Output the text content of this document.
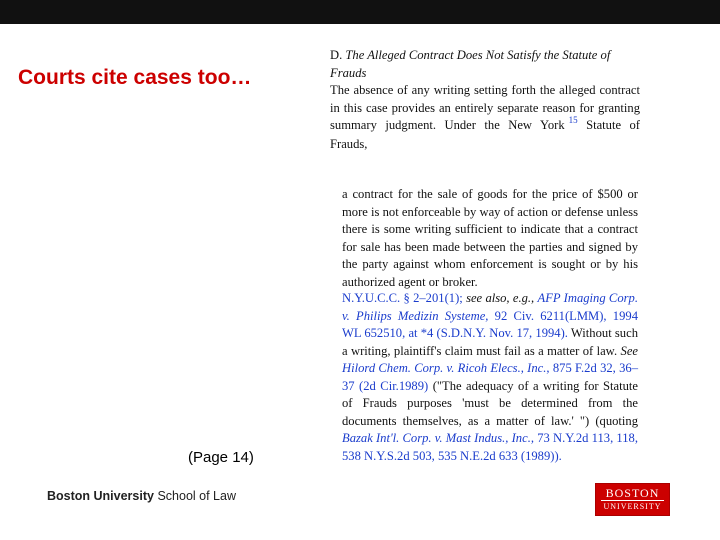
Courts cite cases too…
D. The Alleged Contract Does Not Satisfy the Statute of Frauds
The absence of any writing setting forth the alleged contract in this case provides an entirely separate reason for granting summary judgment. Under the New York $^{15}$ Statute of Frauds,
a contract for the sale of goods for the price of $500 or more is not enforceable by way of action or defense unless there is some writing sufficient to indicate that a contract for sale has been made between the parties and signed by the party against whom enforcement is sought or by his authorized agent or broker.
N.Y.U.C.C. § 2–201(1); see also, e.g., AFP Imaging Corp. v. Philips Medizin Systeme, 92 Civ. 6211(LMM), 1994 WL 652510, at *4 (S.D.N.Y. Nov. 17, 1994). Without such a writing, plaintiff's claim must fail as a matter of law. See Hilord Chem. Corp. v. Ricoh Elecs., Inc., 875 F.2d 32, 36–37 (2d Cir.1989) ("The adequacy of a writing for Statute of Frauds purposes 'must be determined from the documents themselves, as a matter of law.' ") (quoting Bazak Int'l. Corp. v. Mast Indus., Inc., 73 N.Y.2d 113, 118, 538 N.Y.S.2d 503, 535 N.E.2d 633 (1989)).
(Page 14)
Boston University School of Law	BOSTON
UNIVERSITY
